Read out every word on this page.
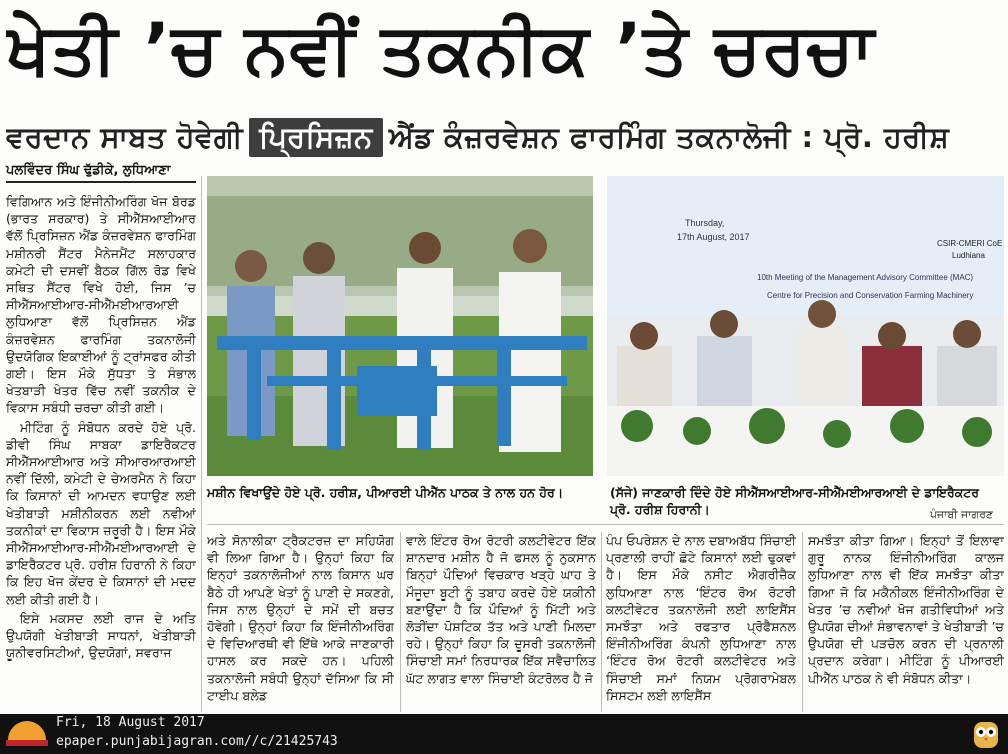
ਖੇਤੀ ’ਚ ਨਵੀਂ ਤਕਨੀਕ ’ਤੇ ਚਰਚਾ
ਵਰਦਾਨ ਸਾਬਤ ਹੋਵੇਗੀ ਪ੍ਰਿਸਿਜ਼ਨ ਐਂਡ ਕੰਜ਼ਰਵੇਸ਼ਨ ਫਾਰਮਿੰਗ ਤਕਨਾਲੋਜੀ : ਪ੍ਰੋ. ਹਰੀਸ਼
ਪਲਵਿੰਦਰ ਸਿੰਘ ਢੁੱਡੀਕੇ, ਲੁਧਿਆਣਾ

ਵਿਗਿਆਨ ਅਤੇ ਇੰਜੀਨੀਅਰਿੰਗ ਖੋਜ ਬੋਰਡ (ਭਾਰਤ ਸਰਕਾਰ) ਤੇ ਸੀਐੱਸਆਈਆਰ ਵੱਲੋਂ ਪ੍ਰਿਸਿਜ਼ਨ ਐਂਡ ਕੰਜ਼ਰਵੇਸ਼ਨ ਫਾਰਮਿੰਗ ਮਸ਼ੀਨਰੀ ਸੈਂਟਰ ਮੈਨੇਜਮੈਂਟ ਸਲਾਹਕਾਰ ਕਮੇਟੀ ਦੀ ਦਸਵੀਂ ਬੈਠਕ ਗਿੱਲ ਰੋਡ ਵਿਖੇ ਸਥਿਤ ਸੈਂਟਰ ਵਿਖੇ ਹੋਈ, ਜਿਸ ’ਚ ਸੀਐੱਸਆਈਆਰ-ਸੀਐੱਮਈਆਰਆਈ ਲੁਧਿਆਣਾ ਵੱਲੋਂ ਪ੍ਰਿਸਿਜ਼ਨ ਐਂਡ ਕੰਜ਼ਰਵੇਸ਼ਨ ਫਾਰਮਿੰਗ ਤਕਨਾਲੋਜੀ ਉਦਯੋਗਿਕ ਇਕਾਈਆਂ ਨੂੰ ਟ੍ਰਾਂਸਫਰ ਕੀਤੀ ਗਈ। ਇਸ ਮੌਕੇ ਸੁੱਧਤਾ ਤੇ ਸੰਭਾਲ ਖੇਤਬਾੜੀ ਖੇਤਰ ਵਿੱਚ ਨਵੀਂ ਤਕਨੀਕ ਦੇ ਵਿਕਾਸ ਸਬੰਧੀ ਚਰਚਾ ਕੀਤੀ ਗਈ।

ਮੀਟਿੰਗ ਨੂੰ ਸੰਬੋਧਨ ਕਰਦੇ ਹੋਏ ਪ੍ਰੋ. ਡੀਵੀ ਸਿੰਘ ਸਾਬਕਾ ਡਾਇਰੈਕਟਰ ਸੀਐੱਸਆਈਆਰ ਅਤੇ ਸੀਆਰਆਰਆਈ ਨਵੀਂ ਦਿੱਲੀ, ਕਮੇਟੀ ਦੇ ਚੇਅਰਮੈਨ ਨੇ ਕਿਹਾ ਕਿ ਕਿਸਾਨਾਂ ਦੀ ਆਮਦਨ ਵਧਾਉਣ ਲਈ ਖੇਤੀਬਾੜੀ ਮਸ਼ੀਨੀਕਰਨ ਲਈ ਨਵੀਆਂ ਤਕਨੀਕਾਂ ਦਾ ਵਿਕਾਸ ਜ਼ਰੂਰੀ ਹੈ। ਇਸ ਮੌਕੇ ਸੀਐੱਸਆਈਆਰ-ਸੀਐੱਮਈਆਰਆਈ ਦੇ ਡਾਇਰੈਕਟਰ ਪ੍ਰੋ. ਹਰੀਸ਼ ਹਿਰਾਨੀ ਨੇ ਕਿਹਾ ਕਿ ਇਹ ਖੋਜ ਕੇਂਦਰ ਦੇ ਕਿਸਾਨਾਂ ਦੀ ਮਦਦ ਲਈ ਕੀਤੀ ਗਈ ਹੈ।

ਇਸੇ ਮਕਸਦ ਲਈ ਰਾਜ ਦੇ ਅਤਿ ਉਪਯੋਗੀ ਖੇਤੀਬਾੜੀ ਸਾਧਨਾਂ, ਖੇਤੀਬਾੜੀ ਯੂਨੀਵਰਸਿਟੀਆਂ, ਉਦਯੋਗਾਂ, ਸਵਰਾਜ

Thursday,
17th August, 2017
10th Meeting of the Management Advisory Committee (MAC)
Centre for Precision and Conservation Farming Machinery
CSIR-CMERI CoE
Ludhiana
ਮਸ਼ੀਨ ਵਿਖਾਉਂਦੇ ਹੋਏ ਪ੍ਰੋ. ਹਰੀਸ਼, ਪੀਆਰਈ ਪੀਐੱਨ ਪਾਠਕ ਤੇ ਨਾਲ ਹਨ ਹੋਰ।	(ਸੱਜੇ) ਜਾਣਕਾਰੀ ਦਿੰਦੇ ਹੋਏ ਸੀਐੱਸਆਈਆਰ-ਸੀਐੱਮਈਆਰਆਈ ਦੇ ਡਾਇਰੈਕਟਰ ਪ੍ਰੋ. ਹਰੀਸ਼ ਹਿਰਾਨੀ।	ਪੰਜਾਬੀ ਜਾਗਰਣ

ਅਤੇ ਸੋਨਾਲੀਕਾ ਟ੍ਰੈਕਟਰਜ਼ ਦਾ ਸਹਿਯੋਗ ਵੀ ਲਿਆ ਗਿਆ ਹੈ। ਉਨ੍ਹਾਂ ਕਿਹਾ ਕਿ ਇਨ੍ਹਾਂ ਤਕਨਾਲੋਜੀਆਂ ਨਾਲ ਕਿਸਾਨ ਘਰ ਬੈਠੇ ਹੀ ਆਪਣੇ ਖੇਤਾਂ ਨੂੰ ਪਾਣੀ ਦੇ ਸਕਣਗੇ, ਜਿਸ ਨਾਲ ਉਨ੍ਹਾਂ ਦੇ ਸਮੇਂ ਦੀ ਬਚਤ ਹੋਵੇਗੀ। ਉਨ੍ਹਾਂ ਕਿਹਾ ਕਿ ਇੰਜੀਨੀਅਰਿੰਗ ਦੇ ਵਿਦਿਆਰਥੀ ਵੀ ਇੱਥੇ ਆਕੇ ਜਾਣਕਾਰੀ ਹਾਸਲ ਕਰ ਸਕਦੇ ਹਨ। ਪਹਿਲੀ ਤਕਨਾਲੋਜੀ ਸਬੰਧੀ ਉਨ੍ਹਾਂ ਦੱਸਿਆ ਕਿ ਸੀ ਟਾਈਪ ਬਲੇਡ

ਵਾਲੇ ਇੰਟਰ ਰੋਅ ਰੋਟਰੀ ਕਲਟੀਵੇਟਰ ਇੱਕ ਸ਼ਾਨਦਾਰ ਮਸ਼ੀਨ ਹੈ ਜੋ ਫਸਲ ਨੂੰ ਨੁਕਸਾਨ ਬਿਨ੍ਹਾਂ ਪੌਦਿਆਂ ਵਿਚਕਾਰ ਖੜ੍ਹੇ ਘਾਹ ਤੇ ਮੌਜੂਦਾ ਬੂਟੀ ਨੂੰ ਤਬਾਹ ਕਰਦੇ ਹੋਏ ਯਕੀਨੀ ਬਣਾਉਂਦਾ ਹੈ ਕਿ ਪੌਦਿਆਂ ਨੂੰ ਮਿੱਟੀ ਅਤੇ ਲੋੜੀਂਦਾ ਪੋਸ਼ਟਿਕ ਤੱਤ ਅਤੇ ਪਾਣੀ ਮਿਲਦਾ ਰਹੇ। ਉਨ੍ਹਾਂ ਕਿਹਾ ਕਿ ਦੂਸਰੀ ਤਕਨਾਲੋਜੀ ਸਿੰਚਾਈ ਸਮਾਂ ਨਿਰਧਾਰਕ ਇੱਕ ਸਵੈਚਾਲਿਤ ਘੱਟ ਲਾਗਤ ਵਾਲਾ ਸਿੰਚਾਈ ਕੰਟਰੋਲਰ ਹੈ ਜੋ

ਪੰਪ ਓਪਰੇਸ਼ਨ ਦੇ ਨਾਲ ਦਬਾਅਬੱਧ ਸਿੰਚਾਈ ਪ੍ਰਣਾਲੀ ਰਾਹੀਂ ਛੋਟੇ ਕਿਸਾਨਾਂ ਲਈ ਢੁਕਵਾਂ ਹੈ। ਇਸ ਮੌਕੇ ਨਸੀਟ ਐਗਰੀਜ਼ੈਕ ਲੁਧਿਆਣਾ ਨਾਲ ‘ਇੰਟਰ ਰੋਅ ਰੋਟਰੀ ਕਲਟੀਵੇਟਰ ਤਕਨਾਲੋਜੀ ਲਈ ਲਾਇਸੈਂਸ ਸਮਝੌਤਾ ਅਤੇ ਰਫਤਾਰ ਪ੍ਰੋਫੈਸ਼ਨਲ ਇੰਜੀਨੀਅਰਿੰਗ ਕੰਪਨੀ ਲੁਧਿਆਣਾ ਨਾਲ ‘ਇੰਟਰ ਰੋਅ ਰੋਟਰੀ ਕਲਟੀਵੇਟਰ ਅਤੇ ਸਿੰਚਾਈ ਸਮਾਂ ਨਿਯਮ ਪ੍ਰੋਗਰਾਮੇਬਲ ਸਿਸਟਮ ਲਈ ਲਾਇਸੈਂਸ

ਸਮਝੌਤਾ ਕੀਤਾ ਗਿਆ। ਇਨ੍ਹਾਂ ਤੋਂ ਇਲਾਵਾ ਗੁਰੂ ਨਾਨਕ ਇੰਜੀਨੀਅਰਿੰਗ ਕਾਲਜ ਲੁਧਿਆਣਾ ਨਾਲ ਵੀ ਇੱਕ ਸਮਝੌਤਾ ਕੀਤਾ ਗਿਆ ਜੋ ਕਿ ਮਕੈਨੀਕਲ ਇੰਜੀਨੀਅਰਿੰਗ ਦੇ ਖੇਤਰ ’ਚ ਨਵੀਆਂ ਖੋਜ ਗਤੀਵਿਧੀਆਂ ਅਤੇ ਉਪਯੋਗ ਦੀਆਂ ਸੰਭਾਵਨਾਵਾਂ ਤੇ ਖੇਤੀਬਾੜੀ ’ਚ ਉਪਯੋਗ ਦੀ ਪੜਚੋਲ ਕਰਨ ਦੀ ਪ੍ਰਨਾਲੀ ਪ੍ਰਦਾਨ ਕਰੇਗਾ। ਮੀਟਿੰਗ ਨੂੰ ਪੀਆਰਈ ਪੀਐੱਨ ਪਾਠਕ ਨੇ ਵੀ ਸੰਬੋਧਨ ਕੀਤਾ।

Fri, 18 August 2017
epaper.punjabijagran.com//c/21425743
